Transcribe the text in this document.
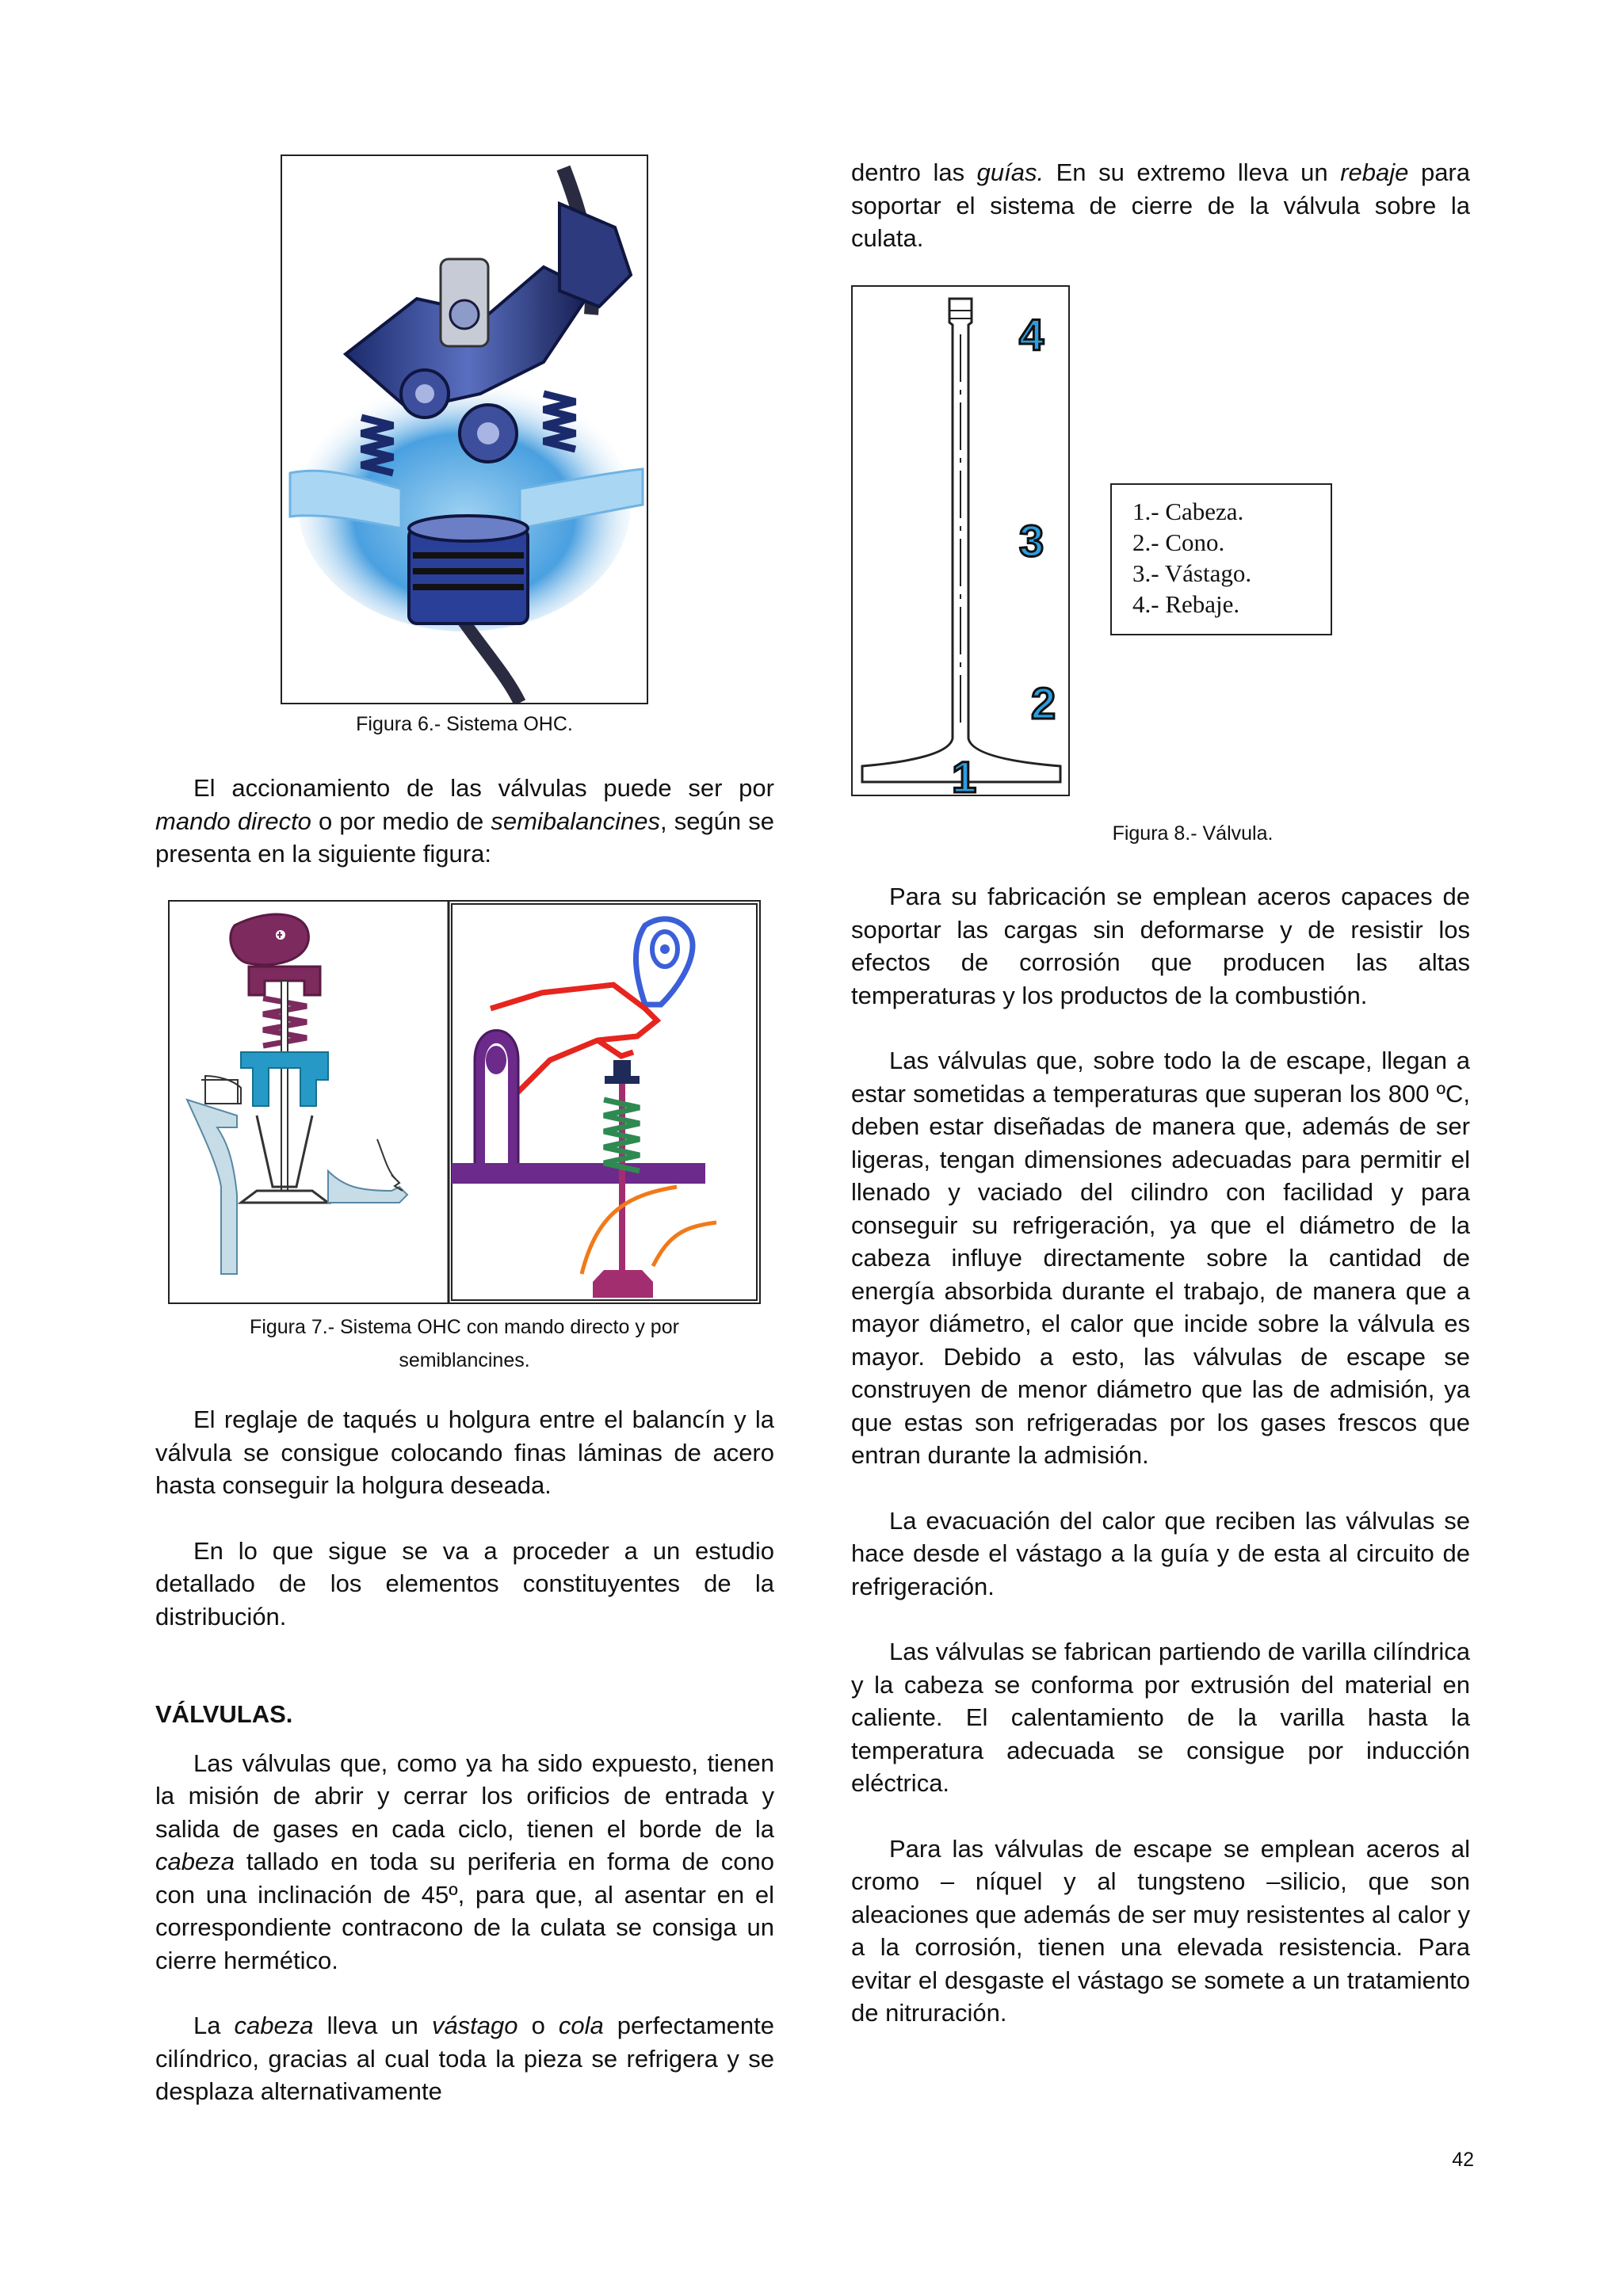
Figura 6.- Sistema OHC.

El accionamiento de las válvulas puede ser por mando directo o por medio de semibalancines, según se presenta en la siguiente figura:

Figura 7.- Sistema OHC con mando directo y por
semiblancines.

El reglaje de taqués u holgura entre el balancín y la válvula se consigue colocando finas láminas de acero hasta conseguir la holgura deseada.

En lo que sigue se va a proceder a un estudio detallado de los elementos constituyentes de la distribución.

VÁLVULAS.

Las válvulas que, como ya ha sido expuesto, tienen la misión de abrir y cerrar los orificios de entrada y salida de gases en cada ciclo, tienen el borde de la cabeza tallado en toda su periferia en forma de cono con una inclinación de 45º, para que, al asentar en el correspondiente contracono de la culata se consiga un cierre hermético.

La cabeza lleva un vástago o cola perfectamente cilíndrico, gracias al cual toda la pieza se refrigera y se desplaza alternativamente

dentro las guías. En su extremo lleva un rebaje para soportar el sistema de cierre de la válvula sobre la culata.

4
3
2
1
1.- Cabeza.
2.- Cono.
3.- Vástago.
4.- Rebaje.
Figura 8.- Válvula.

Para su fabricación se emplean aceros capaces de soportar las cargas sin deformarse y de resistir los efectos de corrosión que producen las altas temperaturas y los productos de la combustión.

Las válvulas que, sobre todo la de escape, llegan a estar sometidas a temperaturas que superan los 800 ºC, deben estar diseñadas de manera que, además de ser ligeras, tengan dimensiones adecuadas para permitir el llenado y vaciado del cilindro con facilidad y para conseguir su refrigeración, ya que el diámetro de la cabeza influye directamente sobre la cantidad de energía absorbida durante el trabajo, de manera que a mayor diámetro, el calor que incide sobre la válvula es mayor. Debido a esto, las válvulas de escape se construyen de menor diámetro que las de admisión, ya que estas son refrigeradas por los gases frescos que entran durante la admisión.

La evacuación del calor que reciben las válvulas se hace desde el vástago a la guía y de esta al circuito de refrigeración.

Las válvulas se fabrican partiendo de varilla cilíndrica y la cabeza se conforma por extrusión del material en caliente. El calentamiento de la varilla hasta la temperatura adecuada se consigue por inducción eléctrica.

Para las válvulas de escape se emplean aceros al cromo – níquel y al tungsteno –silicio, que son aleaciones que además de ser muy resistentes al calor y a la corrosión, tienen una elevada resistencia. Para evitar el desgaste el vástago se somete a un tratamiento de nitruración.

42
